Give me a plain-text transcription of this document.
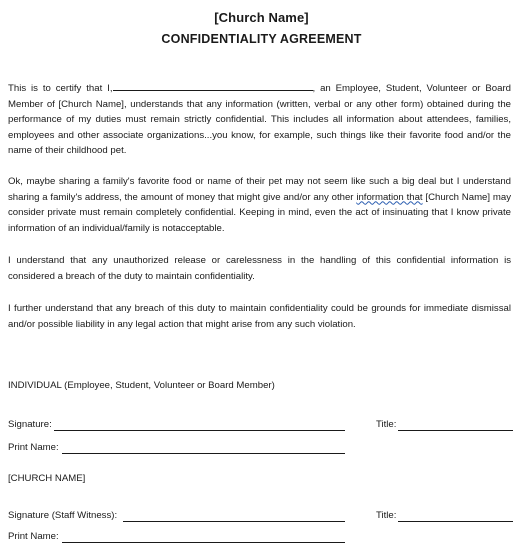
[Church Name]
CONFIDENTIALITY AGREEMENT

This is to certify that I,	, an Employee, Student, Volunteer or Board Member of [Church Name], understands that any information (written, verbal or any other form) obtained during the performance of my duties must remain strictly confidential. This includes all information about attendees, families, employees and other associate organizations...you know, for example, such things like their favorite food and/or the name of their childhood pet.

Ok, maybe sharing a family's favorite food or name of their pet may not seem like such a big deal but I understand sharing a family's address, the amount of money that might give and/or any other information that [Church Name] may consider private must remain completely confidential. Keeping in mind, even the act of insinuating that I know private information of an individual/family is notacceptable.

I understand that any unauthorized release or carelessness in the handling of this confidential information is considered a breach of the duty to maintain confidentiality.

I further understand that any breach of this duty to maintain confidentiality could be grounds for immediate dismissal and/or possible liability in any legal action that might arise from any such violation.

INDIVIDUAL (Employee, Student, Volunteer or Board Member)
Signature:	Title:
Print Name:
[CHURCH NAME]
Signature (Staff Witness):	Title:
Print Name:
